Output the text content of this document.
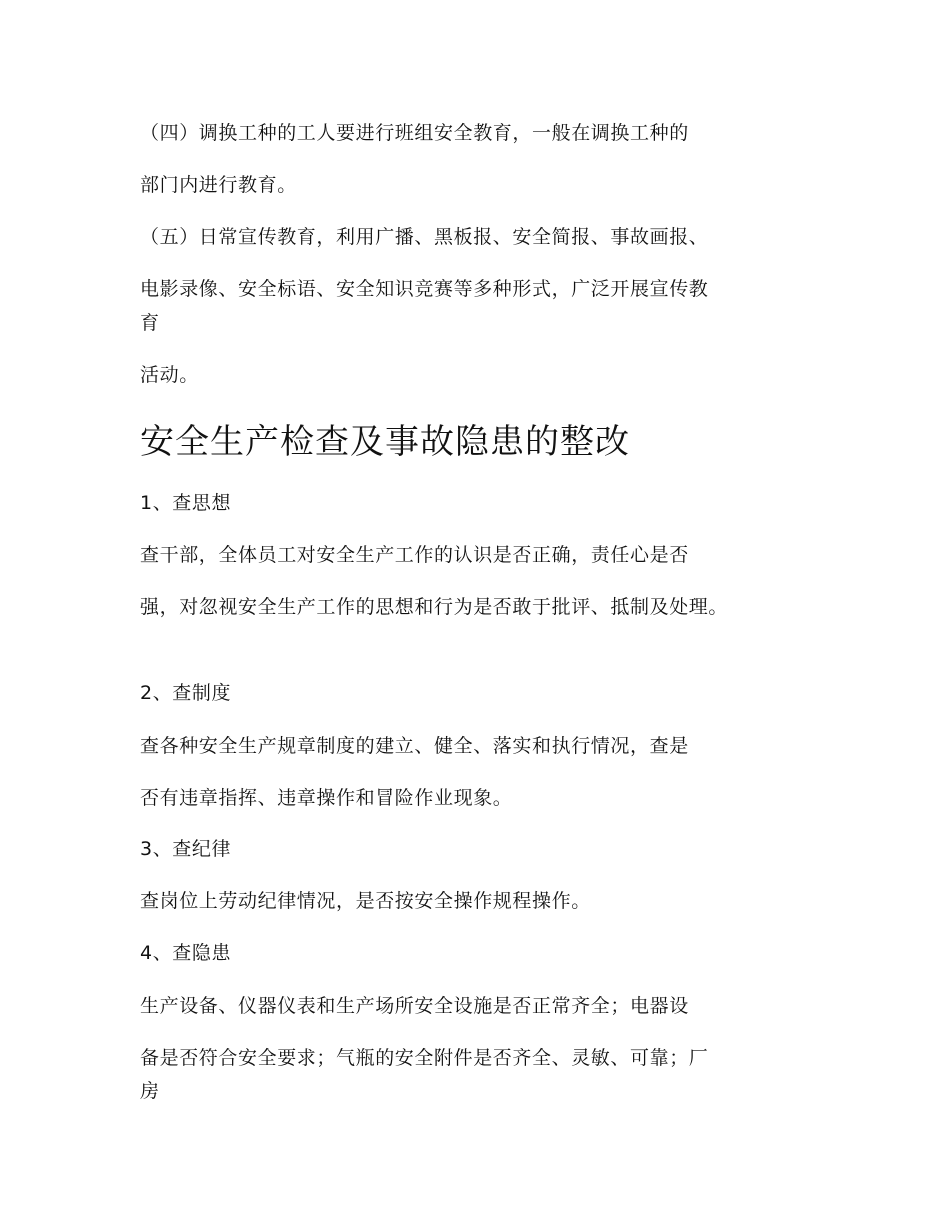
（四）调换工种的工人要进行班组安全教育，一般在调换工种的
部门内进行教育。
（五）日常宣传教育，利用广播、黑板报、安全简报、事故画报、
电影录像、安全标语、安全知识竞赛等多种形式，广泛开展宣传教
育
活动。
安全生产检查及事故隐患的整改
1、查思想
查干部，全体员工对安全生产工作的认识是否正确，责任心是否
强，对忽视安全生产工作的思想和行为是否敢于批评、抵制及处理。
2、查制度
查各种安全生产规章制度的建立、健全、落实和执行情况，查是
否有违章指挥、违章操作和冒险作业现象。
3、查纪律
查岗位上劳动纪律情况，是否按安全操作规程操作。
4、查隐患
生产设备、仪器仪表和生产场所安全设施是否正常齐全；电器设
备是否符合安全要求；气瓶的安全附件是否齐全、灵敏、可靠；厂
房
